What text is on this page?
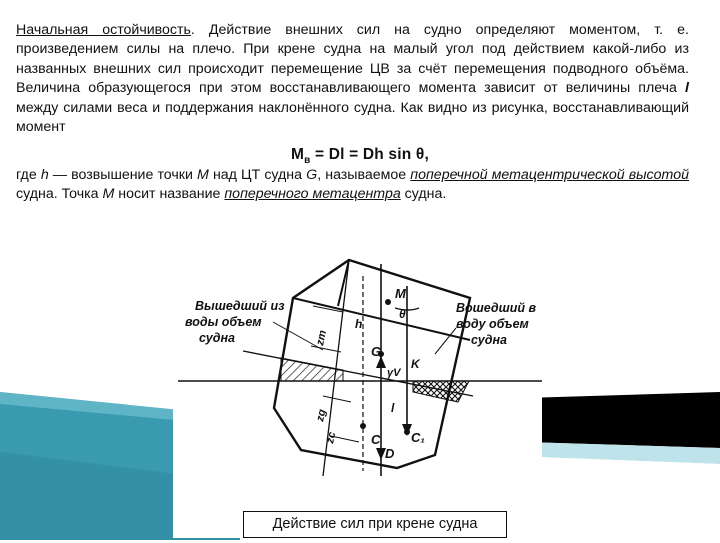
Начальная остойчивость. Действие внешних сил на судно определяют моментом, т. е. произведением силы на плечо. При крене судна на малый угол под действием какой-либо из названных внешних сил происходит перемещение ЦВ за счёт перемещения подводного объёма. Величина образующегося при этом восстанавливающего момента зависит от величины плеча l между силами веса и поддержания наклонённого судна. Как видно из рисунка, восстанавливающий момент
$M_в = Dl = Dh$ sin θ,
где h — возвышение точки M над ЦТ судна G, называемое поперечной метацентрической высотой судна. Точка M носит название поперечного метацентра судна.
Вышедший из
воды объем
судна
Вошедший в
воду объем
судна
M
G
K
γV
C C₁
D
h
l
θ
zm
zg
zc
Действие сил при крене судна
